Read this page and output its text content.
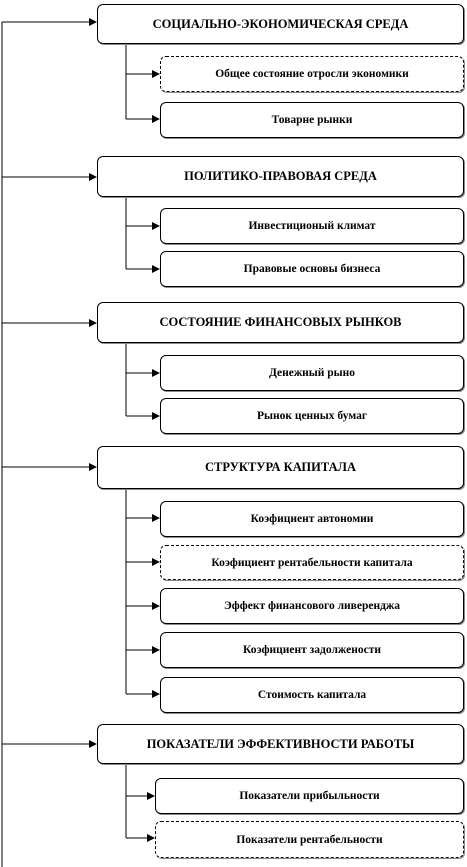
СОЦИАЛЬНО-ЭКОНОМИЧЕСКАЯ СРЕДА
Общее состояние отросли экономики
Товарне рынки
ПОЛИТИКО-ПРАВОВАЯ СРЕДА
Инвестиционый климат
Правовые основы бизнеса
СОСТОЯНИЕ ФИНАНСОВЫХ РЫНКОВ
Денежный рыно
Рынок ценных бумаг
СТРУКТУРА КАПИТАЛА
Коэфициент автономии
Коэфициент рентабельности капитала
Эффект финансового ливеренджа
Коэфициент задолжености
Стоимость капитала
ПОКАЗАТЕЛИ ЭФФЕКТИВНОСТИ РАБОТЫ
Показатели прибыльности
Показатели рентабельности
